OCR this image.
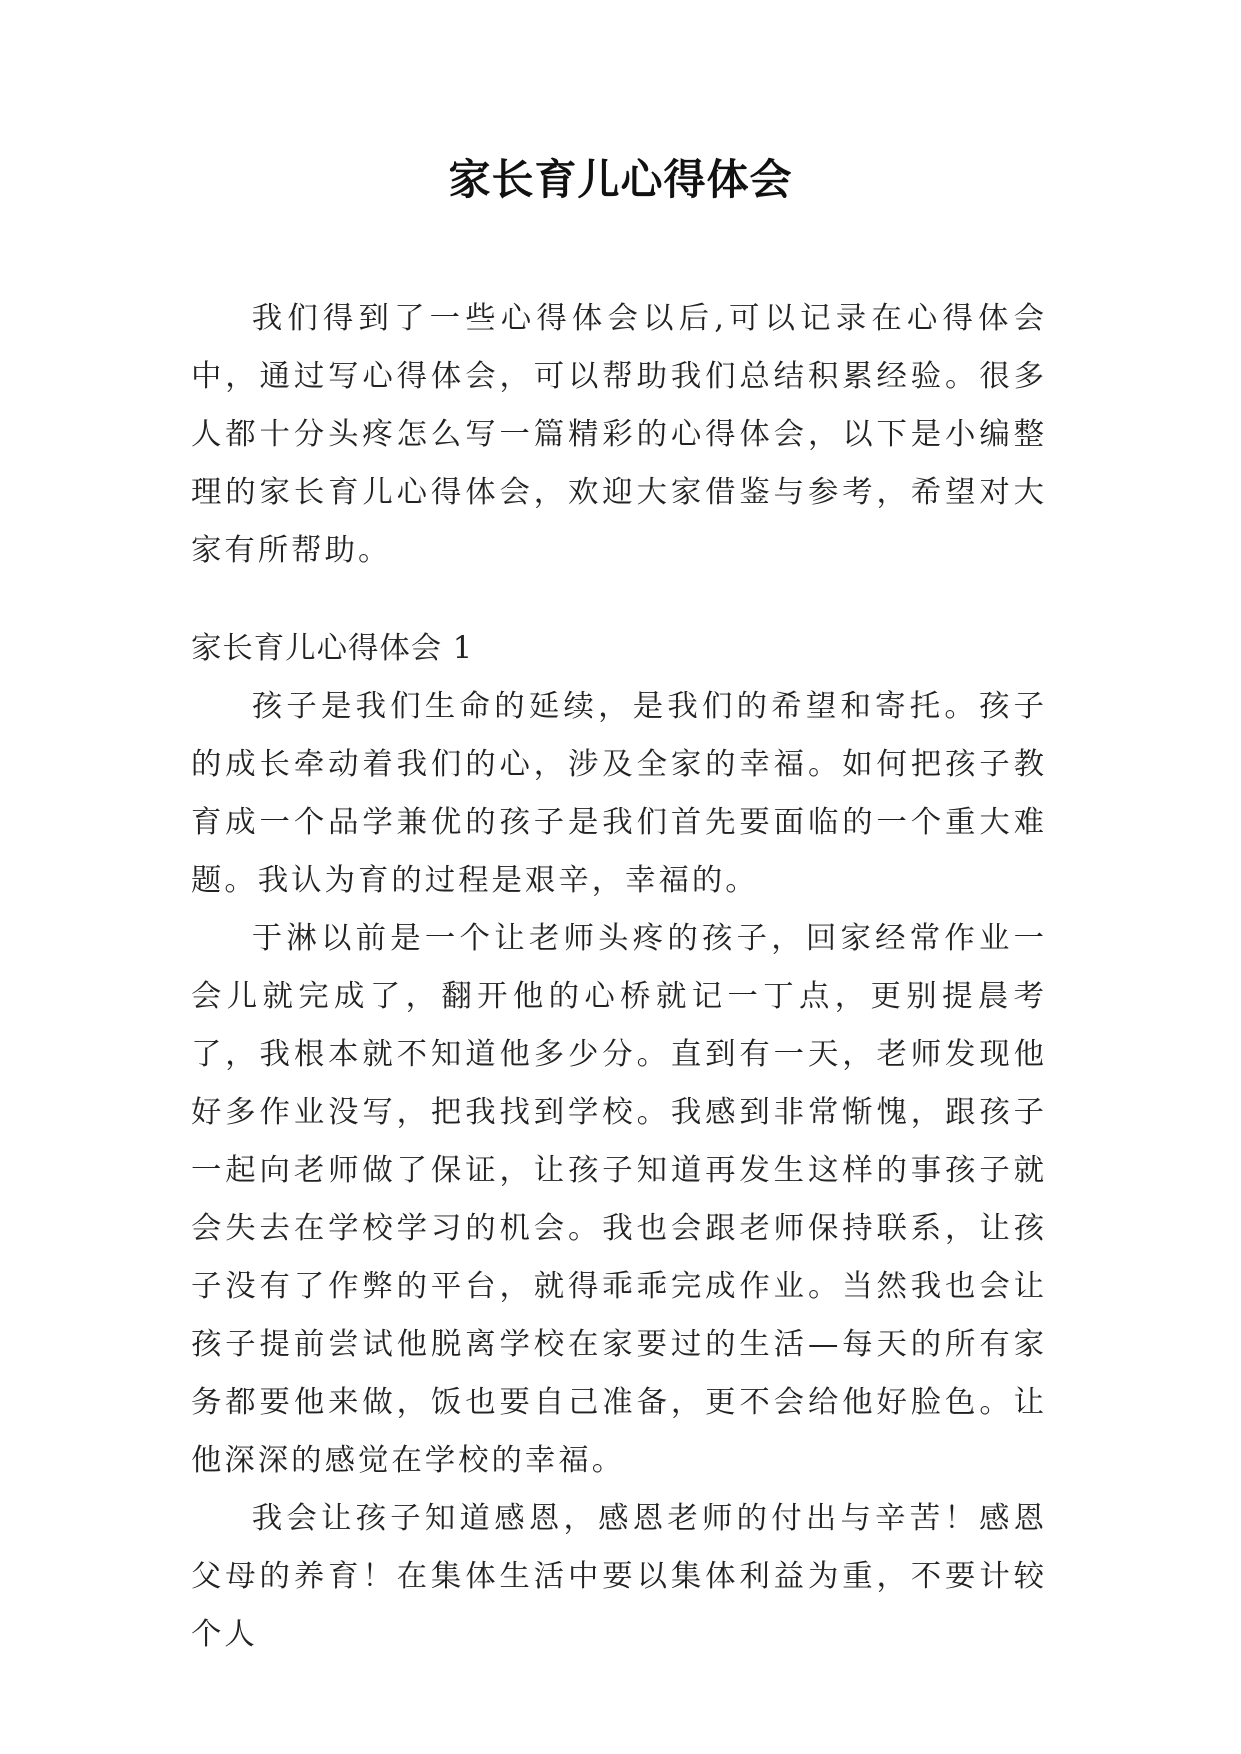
家长育儿心得体会

我们得到了一些心得体会以后,可以记录在心得体会中，通过写心得体会，可以帮助我们总结积累经验。很多人都十分头疼怎么写一篇精彩的心得体会，以下是小编整理的家长育儿心得体会，欢迎大家借鉴与参考，希望对大家有所帮助。

家长育儿心得体会 1

孩子是我们生命的延续，是我们的希望和寄托。孩子的成长牵动着我们的心，涉及全家的幸福。如何把孩子教育成一个品学兼优的孩子是我们首先要面临的一个重大难题。我认为育的过程是艰辛，幸福的。

于淋以前是一个让老师头疼的孩子，回家经常作业一会儿就完成了，翻开他的心桥就记一丁点，更别提晨考了，我根本就不知道他多少分。直到有一天，老师发现他好多作业没写，把我找到学校。我感到非常惭愧，跟孩子一起向老师做了保证，让孩子知道再发生这样的事孩子就会失去在学校学习的机会。我也会跟老师保持联系，让孩子没有了作弊的平台，就得乖乖完成作业。当然我也会让孩子提前尝试他脱离学校在家要过的生活—每天的所有家务都要他来做，饭也要自己准备，更不会给他好脸色。让他深深的感觉在学校的幸福。

我会让孩子知道感恩，感恩老师的付出与辛苦！感恩父母的养育！在集体生活中要以集体利益为重，不要计较个人
